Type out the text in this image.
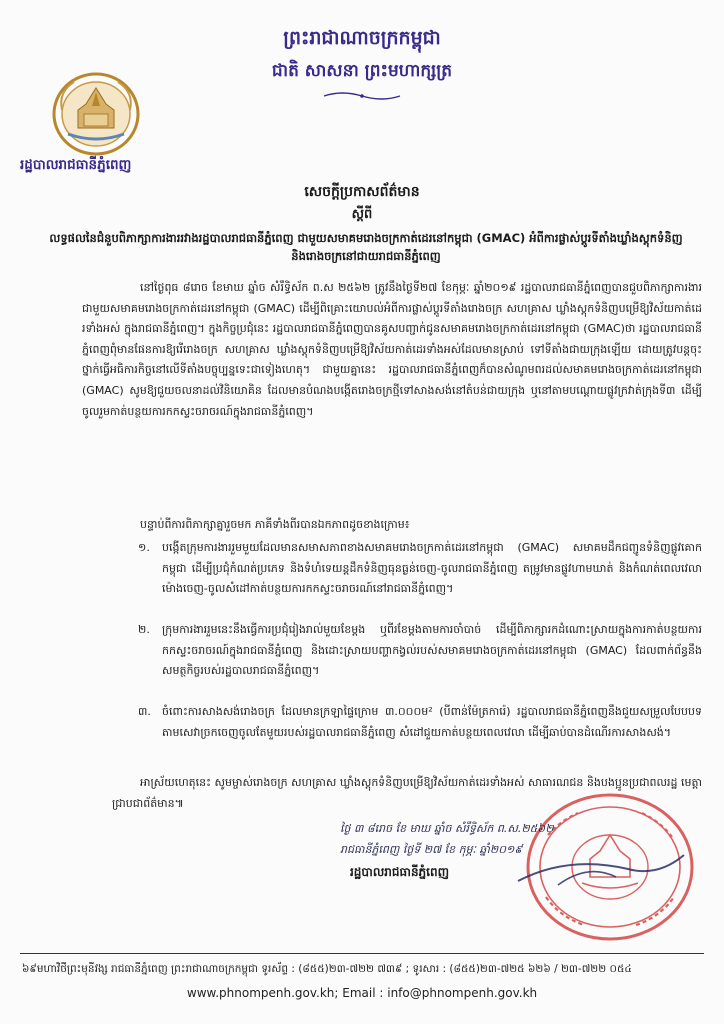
ព្រះរាជាណាចក្រកម្ពុជា
ជាតិ សាសនា ព្រះមហាក្សត្រ
រដ្ឋបាលរាជធានីភ្នំពេញ
សេចក្តីប្រកាសព័ត៌មាន
ស្តីពី
លទ្ធផលនៃជំនួបពិភាក្សាការងាររវាងរដ្ឋបាលរាជធានីភ្នំពេញ ជាមួយសមាគមរោងចក្រកាត់ដេរនៅកម្ពុជា (GMAC) អំពីការផ្លាស់ប្តូរទីតាំងឃ្លាំងស្តុកទំនិញ និងរោងចក្រនៅជាយរាជធានីភ្នំពេញ
នៅថ្ងៃពុធ ៨រោច ខែមាឃ ឆ្នាំច សំរឹទ្ធិស័ក ព.ស ២៥៦២ ត្រូវនឹងថ្ងៃទី២៧ ខែកុម្ភៈ ឆ្នាំ២០១៩ រដ្ឋបាលរាជធានីភ្នំពេញបានជួបពិភាក្សាការងារជាមួយសមាគមរោងចក្រកាត់ដេរនៅកម្ពុជា (GMAC) ដើម្បីពិគ្រោះយោបល់អំពីការផ្លាស់ប្តូរទីតាំងរោងចក្រ សហគ្រាស ឃ្លាំងស្តុកទំនិញបម្រើឱ្យវិស័យកាត់ដេរទាំងអស់ ក្នុងរាជធានីភ្នំពេញ។ ក្នុងកិច្ចប្រជុំនេះ រដ្ឋបាលរាជធានីភ្នំពេញបានគូសបញ្ជាក់ជូនសមាគមរោងចក្រកាត់ដេរនៅកម្ពុជា (GMAC)ថា រដ្ឋបាលរាជធានីភ្នំពេញពុំមានផែនការឱ្យរើរោងចក្រ សហគ្រាស ឃ្លាំងស្តុកទំនិញបម្រើឱ្យវិស័យកាត់ដេរទាំងអស់ដែលមានស្រាប់ ទៅទីតាំងជាយក្រុងឡើយ ដោយត្រូវបន្តចុះថ្នាក់ធ្វើអធិការកិច្ចនៅលើទីតាំងបច្ចុប្បន្នទេះជាទៀងហេតុ។ ជាមួយគ្នានេះ រដ្ឋបាលរាជធានីភ្នំពេញក៏បានសំណូមពរដល់សមាគមរោងចក្រកាត់ដេរនៅកម្ពុជា (GMAC) សូមឱ្យជួយចលនាដល់វិនិយោគិន ដែលមានបំណងបង្កើតរោងចក្រថ្មីទៅសាងសង់នៅតំបន់ជាយក្រុង ឬនៅតាមបណ្តោយផ្លូវក្រវាត់ក្រុងទី៣ ដើម្បីចូលរួមកាត់បន្ថយការកកស្ទះចរាចរណ៍ក្នុងរាជធានីភ្នំពេញ។
បន្ទាប់ពីការពិភាក្សាគ្នារួចមក ភាគីទាំងពីរបានឯកភាពដូចខាងក្រោម៖
១. បង្កើតក្រុមការងាររួមមួយដែលមានសមាសភាពខាងសមាគមរោងចក្រកាត់ដេរនៅកម្ពុជា (GMAC) សមាគមដឹកជញ្ជូនទំនិញផ្លូវគោកកម្ពុជា ដើម្បីប្រជុំកំណត់ប្រភេទ និងទំហំទេយន្តដឹកទំនិញធុនធ្ងន់ចេញ-ចូលរាជធានីភ្នំពេញ តម្រូវមានផ្លូវហាមឃាត់ និងកំណត់ពេលវេលាម៉ោងចេញ-ចូលសំដៅកាត់បន្ថយការកកស្ទះចរាចរណ៍នៅរាជធានីភ្នំពេញ។
២. ក្រុមការងាររួមនេះនឹងធ្វើការប្រជុំរៀងរាល់មួយខែម្តង ឬពីរខែម្តងតាមការចាំបាច់ ដើម្បីពិភាក្សារកដំណោះស្រាយក្នុងការកាត់បន្ថយការកកស្ទះចរាចរណ៍ក្នុងរាជធានីភ្នំពេញ និងដោះស្រាយបញ្ហាកង្វល់របស់សមាគមរោងចក្រកាត់ដេរនៅកម្ពុជា (GMAC) ដែលពាក់ព័ន្ធនឹងសមត្ថកិច្ចរបស់រដ្ឋបាលរាជធានីភ្នំពេញ។
៣. ចំពោះការសាងសង់រោងចក្រ ដែលមានក្រឡាផ្ទៃក្រោម ៣.០០០ម² (បីពាន់ម៉ែត្រការ៉េ) រដ្ឋបាលរាជធានីភ្នំពេញនឹងជួយសម្រួលបែបបទ តាមសេវាច្រកចេញចូលតែមួយរបស់រដ្ឋបាលរាជធានីភ្នំពេញ សំដៅជួយកាត់បន្ថយពេលវេលា ដើម្បីឆាប់បានដំណើរការសាងសង់។
អាស្រ័យហេតុនេះ សូមម្ចាស់រោងចក្រ សហគ្រាស ឃ្លាំងស្តុកទំនិញបម្រើឱ្យវិស័យកាត់ដេរទាំងអស់ សាធារណជន និងបងប្អូនប្រជាពលរដ្ឋ មេត្តាជ្រាបជាព័ត៌មាន៕
ថ្ងៃ ៣ ៨រោច ខែ មាឃ ឆ្នាំច សំរឹទ្ធិស័ក ព.ស.២៥៦២
រាជធានីភ្នំពេញ ថ្ងៃទី ២៧ ខែ កុម្ភៈ ឆ្នាំ២០១៩
រដ្ឋបាលរាជធានីភ្នំពេញ
៦៩មហាវិថីព្រះមុនីវង្ស រាជធានីភ្នំពេញ ព្រះរាជាណាចក្រកម្ពុជា ទូរស័ព្ទ : (៨៥៥)២៣-៧២២ ៧៣៩ ; ទូរសារ : (៨៥៥)២៣-៧២៥ ៦២៦ / ២៣-៧២២ ០៥៤
www.phnompenh.gov.kh; Email : info@phnompenh.gov.kh
